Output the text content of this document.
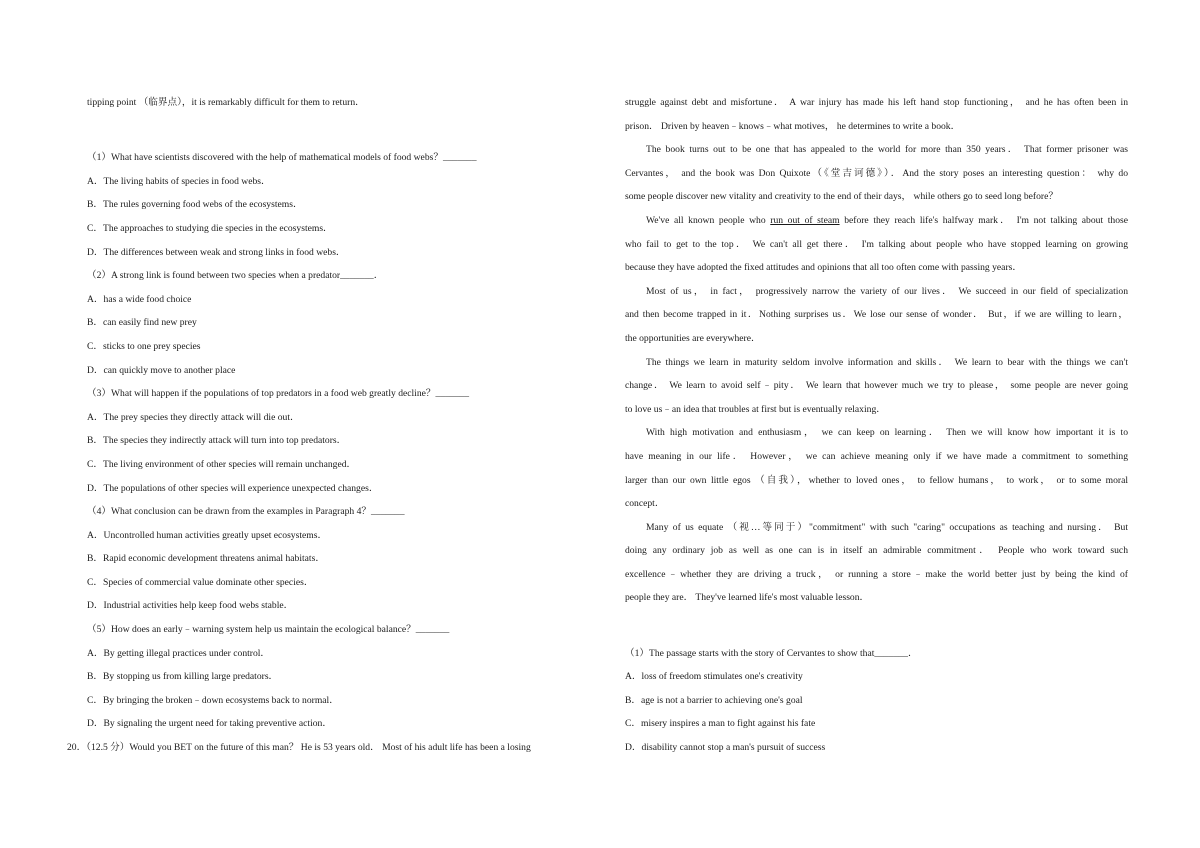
tipping point （临界点），it is remarkably difficult for them to return．
（1）What have scientists discovered with the help of mathematical models of food webs？_______
A．The living habits of species in food webs．
B．The rules governing food webs of the ecosystems．
C．The approaches to studying die species in the ecosystems．
D．The differences between weak and strong links in food webs．
（2）A strong link is found between two species when a predator_______．
A．has a wide food choice
B．can easily find new prey
C．sticks to one prey species
D．can quickly move to another place
（3）What will happen if the populations of top predators in a food web greatly decline？_______
A．The prey species they directly attack will die out．
B．The species they indirectly attack will turn into top predators．
C．The living environment of other species will remain unchanged．
D．The populations of other species will experience unexpected changes．
（4）What conclusion can be drawn from the examples in Paragraph 4？_______
A．Uncontrolled human activities greatly upset ecosystems．
B．Rapid economic development threatens animal habitats．
C．Species of commercial value dominate other species．
D．Industrial activities help keep food webs stable．
（5）How does an early﹣warning system help us maintain the ecological balance？_______
A．By getting illegal practices under control．
B．By stopping us from killing large predators．
C．By bringing the broken﹣down ecosystems back to normal．
D．By signaling the urgent need for taking preventive action．
20．（12.5 分）Would you BET on the future of this man？ He is 53 years old． Most of his adult life has been a losing
struggle against debt and misfortune． A war injury has made his left hand stop functioning， and he has often been in
prison． Driven by heaven﹣knows﹣what motives， he determines to write a book．
The book turns out to be one that has appealed to the world for more than 350 years． That former prisoner was
Cervantes， and the book was Don Quixote（《堂吉诃德》）．And the story poses an interesting question： why do
some people discover new vitality and creativity to the end of their days， while others go to seed long before？
We've all known people who run out of steam before they reach life's halfway mark． I'm not talking about those
who fail to get to the top． We can't all get there． I'm talking about people who have stopped learning on growing
because they have adopted the fixed attitudes and opinions that all too often come with passing years．
Most of us， in fact， progressively narrow the variety of our lives． We succeed in our field of specialization
and then become trapped in it．Nothing surprises us．We lose our sense of wonder． But，if we are willing to learn，
the opportunities are everywhere．
The things we learn in maturity seldom involve information and skills． We learn to bear with the things we can't
change． We learn to avoid self﹣pity． We learn that however much we try to please， some people are never going
to love us﹣an idea that troubles at first but is eventually relaxing．
With high motivation and enthusiasm， we can keep on learning． Then we will know how important it is to
have meaning in our life． However， we can achieve meaning only if we have made a commitment to something
larger than our own little egos （自我），whether to loved ones， to fellow humans， to work， or to some moral
concept．
Many of us equate （视…等同于）"commitment" with such "caring" occupations as teaching and nursing． But
doing any ordinary job as well as one can is in itself an admirable commitment． People who work toward such
excellence﹣whether they are driving a truck， or running a store﹣make the world better just by being the kind of
people they are． They've learned life's most valuable lesson．
（1）The passage starts with the story of Cervantes to show that_______．
A．loss of freedom stimulates one's creativity
B．age is not a barrier to achieving one's goal
C．misery inspires a man to fight against his fate
D．disability cannot stop a man's pursuit of success
